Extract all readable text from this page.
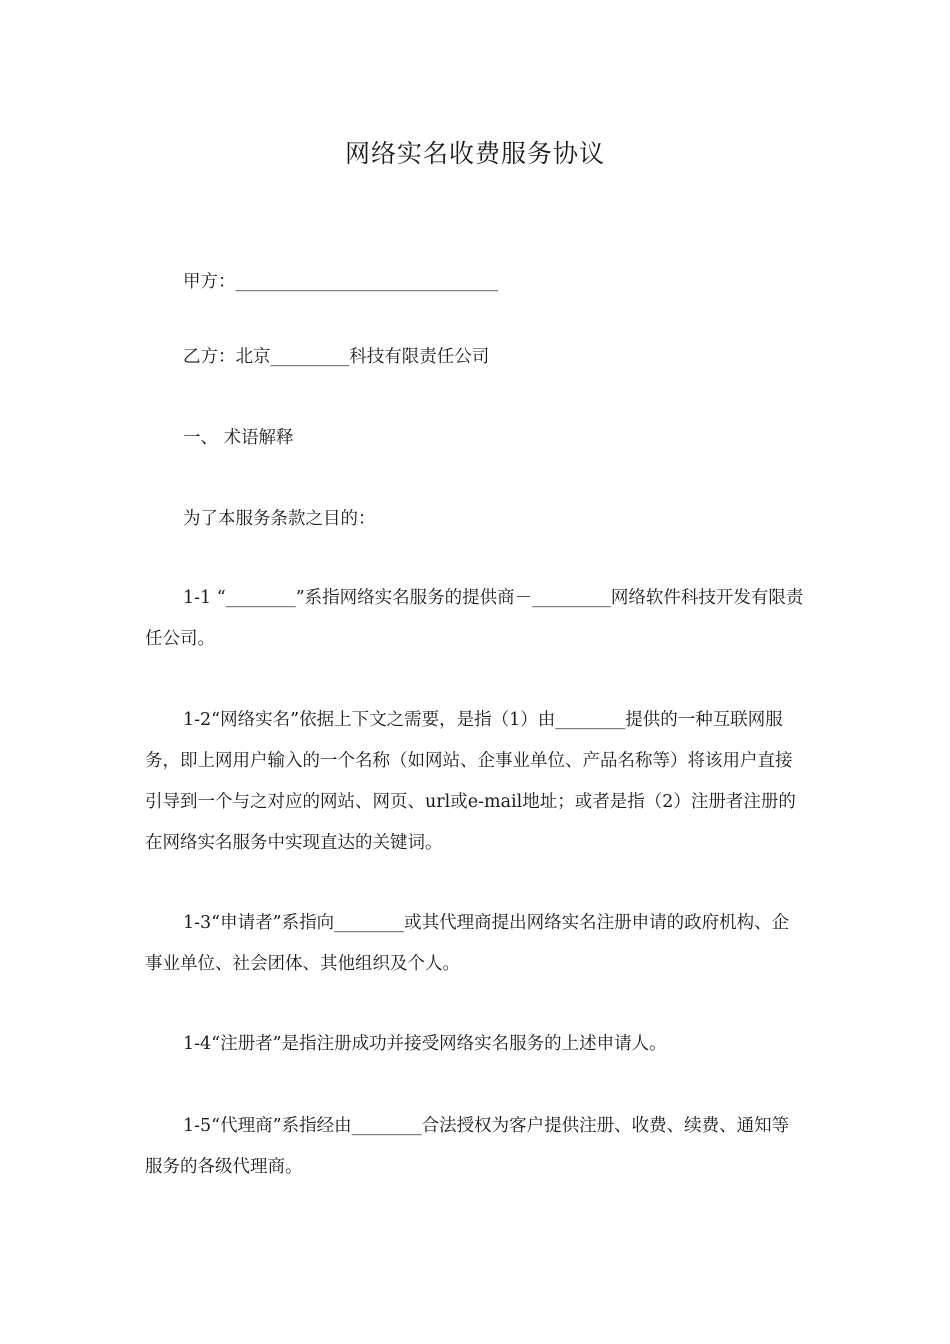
网络实名收费服务协议
甲方：______________________________
乙方：北京_________科技有限责任公司
一、 术语解释
为了本服务条款之目的：

1-1 “________”系指网络实名服务的提供商－_________网络软件科技开发有限责任公司。

1-2“网络实名”依据上下文之需要，是指（1）由________提供的一种互联网服务，即上网用户输入的一个名称（如网站、企事业单位、产品名称等）将该用户直接引导到一个与之对应的网站、网页、url或e-mail地址；或者是指（2）注册者注册的在网络实名服务中实现直达的关键词。

1-3“申请者”系指向________或其代理商提出网络实名注册申请的政府机构、企事业单位、社会团体、其他组织及个人。

1-4“注册者”是指注册成功并接受网络实名服务的上述申请人。

1-5“代理商”系指经由________合法授权为客户提供注册、收费、续费、通知等服务的各级代理商。
